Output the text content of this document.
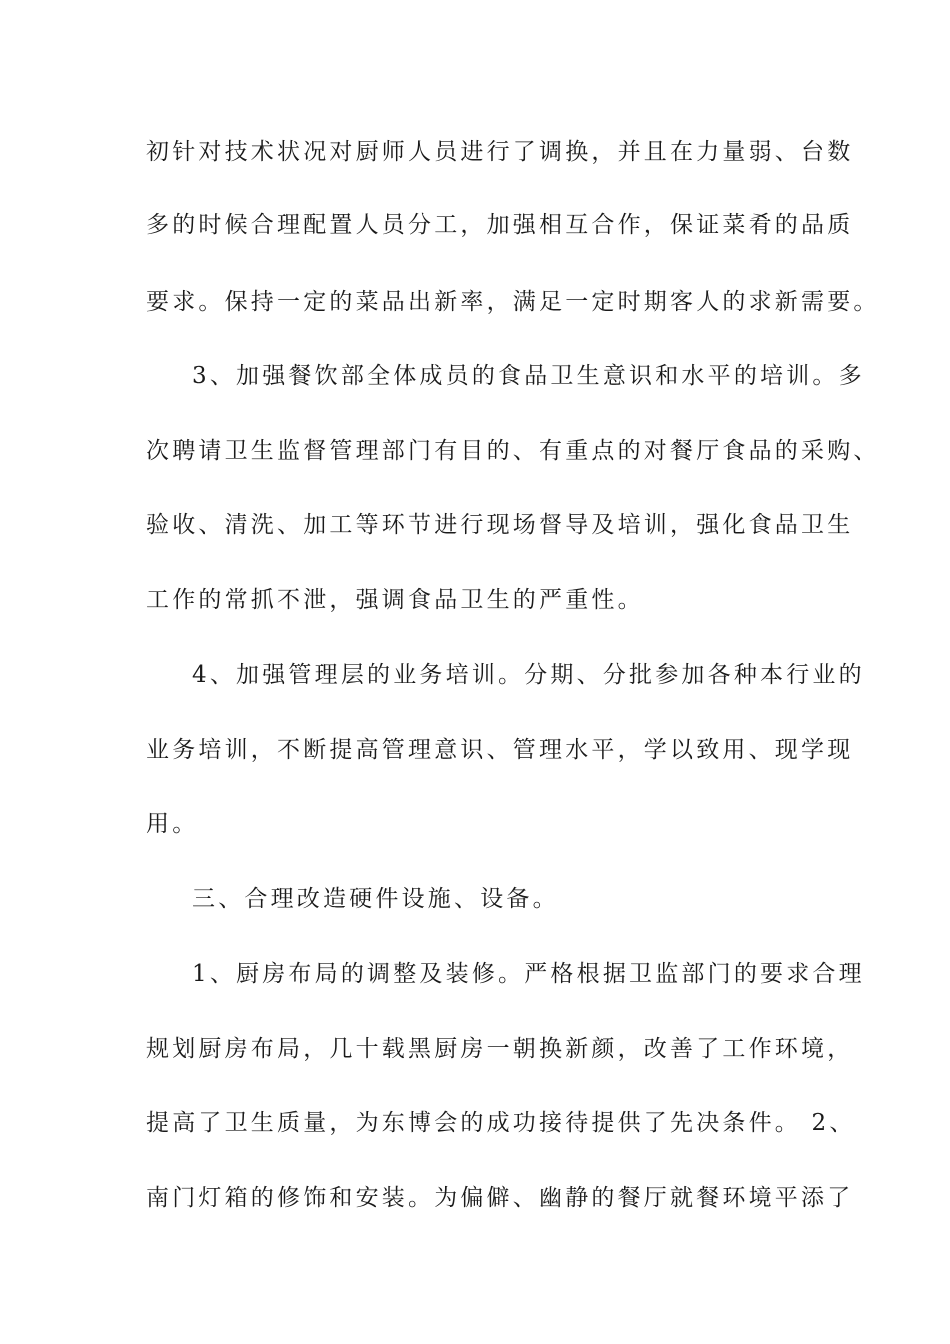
初针对技术状况对厨师人员进行了调换，并且在力量弱、台数
多的时候合理配置人员分工，加强相互合作，保证菜肴的品质
要求。保持一定的菜品出新率，满足一定时期客人的求新需要。
3、加强餐饮部全体成员的食品卫生意识和水平的培训。多
次聘请卫生监督管理部门有目的、有重点的对餐厅食品的采购、
验收、清洗、加工等环节进行现场督导及培训，强化食品卫生
工作的常抓不泄，强调食品卫生的严重性。
4、加强管理层的业务培训。分期、分批参加各种本行业的
业务培训，不断提高管理意识、管理水平，学以致用、现学现
用。
三、合理改造硬件设施、设备。
1、厨房布局的调整及装修。严格根据卫监部门的要求合理
规划厨房布局，几十载黑厨房一朝换新颜，改善了工作环境，
提高了卫生质量，为东博会的成功接待提供了先决条件。 2、
南门灯箱的修饰和安装。为偏僻、幽静的餐厅就餐环境平添了
